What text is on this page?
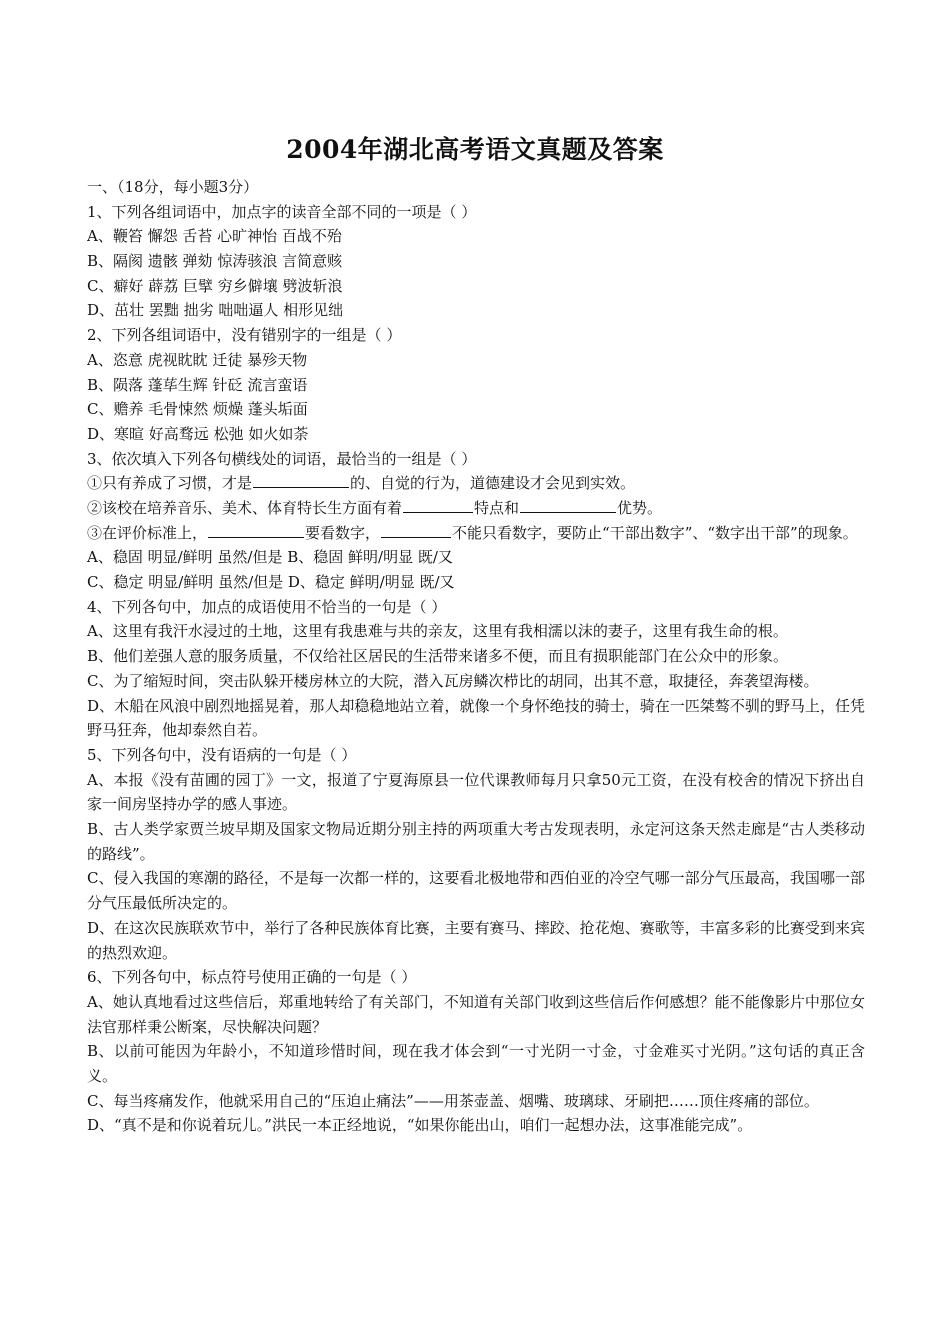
2004年湖北高考语文真题及答案
一、（18分，每小题3分）
1、下列各组词语中，加点字的读音全部不同的一项是（ ）
A、鞭笞 懈怨 舌苔 心旷神怡 百战不殆
B、隔阂 遗骸 弹劾 惊涛骇浪 言简意赅
C、癖好 薜荔 巨擘 穷乡僻壤 劈波斩浪
D、茁壮 罢黜 拙劣 咄咄逼人 相形见绌
2、下列各组词语中，没有错别字的一组是（ ）
A、恣意 虎视眈眈 迁徒 暴殄天物
B、陨落 蓬荜生辉 针砭 流言蛮语
C、赡养 毛骨悚然 烦燥 蓬头垢面
D、寒暄 好高骛远 松弛 如火如荼
3、依次填入下列各句横线处的词语，最恰当的一组是（ ）
①只有养成了习惯，才是	的、自觉的行为，道德建设才会见到实效。
②该校在培养音乐、美术、体育特长生方面有着	特点和	优势。
③在评价标准上，	要看数字，	不能只看数字，要防止“干部出数字”、“数字出干部”的现象。
A、稳固 明显/鲜明 虽然/但是 B、稳固 鲜明/明显 既/又
C、稳定 明显/鲜明 虽然/但是 D、稳定 鲜明/明显 既/又
4、下列各句中，加点的成语使用不恰当的一句是（ ）
A、这里有我汗水浸过的土地，这里有我患难与共的亲友，这里有我相濡以沫的妻子，这里有我生命的根。
B、他们差强人意的服务质量，不仅给社区居民的生活带来诸多不便，而且有损职能部门在公众中的形象。
C、为了缩短时间，突击队躲开楼房林立的大院，潜入瓦房鳞次栉比的胡同，出其不意，取捷径，奔袭望海楼。
D、木船在风浪中剧烈地摇晃着，那人却稳稳地站立着，就像一个身怀绝技的骑士，骑在一匹桀骜不驯的野马上，任凭野马狂奔，他却泰然自若。
5、下列各句中，没有语病的一句是（ ）
A、本报《没有苗圃的园丁》一文，报道了宁夏海原县一位代课教师每月只拿50元工资，在没有校舍的情况下挤出自家一间房坚持办学的感人事迹。
B、古人类学家贾兰坡早期及国家文物局近期分别主持的两项重大考古发现表明，永定河这条天然走廊是“古人类移动的路线”。
C、侵入我国的寒潮的路径，不是每一次都一样的，这要看北极地带和西伯亚的冷空气哪一部分气压最高，我国哪一部分气压最低所决定的。
D、在这次民族联欢节中，举行了各种民族体育比赛，主要有赛马、摔跤、抢花炮、赛歌等，丰富多彩的比赛受到来宾的热烈欢迎。
6、下列各句中，标点符号使用正确的一句是（ ）
A、她认真地看过这些信后，郑重地转给了有关部门，不知道有关部门收到这些信后作何感想？能不能像影片中那位女法官那样秉公断案，尽快解决问题？
B、以前可能因为年龄小，不知道珍惜时间，现在我才体会到“一寸光阴一寸金，寸金难买寸光阴。”这句话的真正含义。
C、每当疼痛发作，他就采用自己的“压迫止痛法”——用茶壶盖、烟嘴、玻璃球、牙刷把……顶住疼痛的部位。
D、“真不是和你说着玩儿。”洪民一本正经地说，“如果你能出山，咱们一起想办法，这事准能完成”。
